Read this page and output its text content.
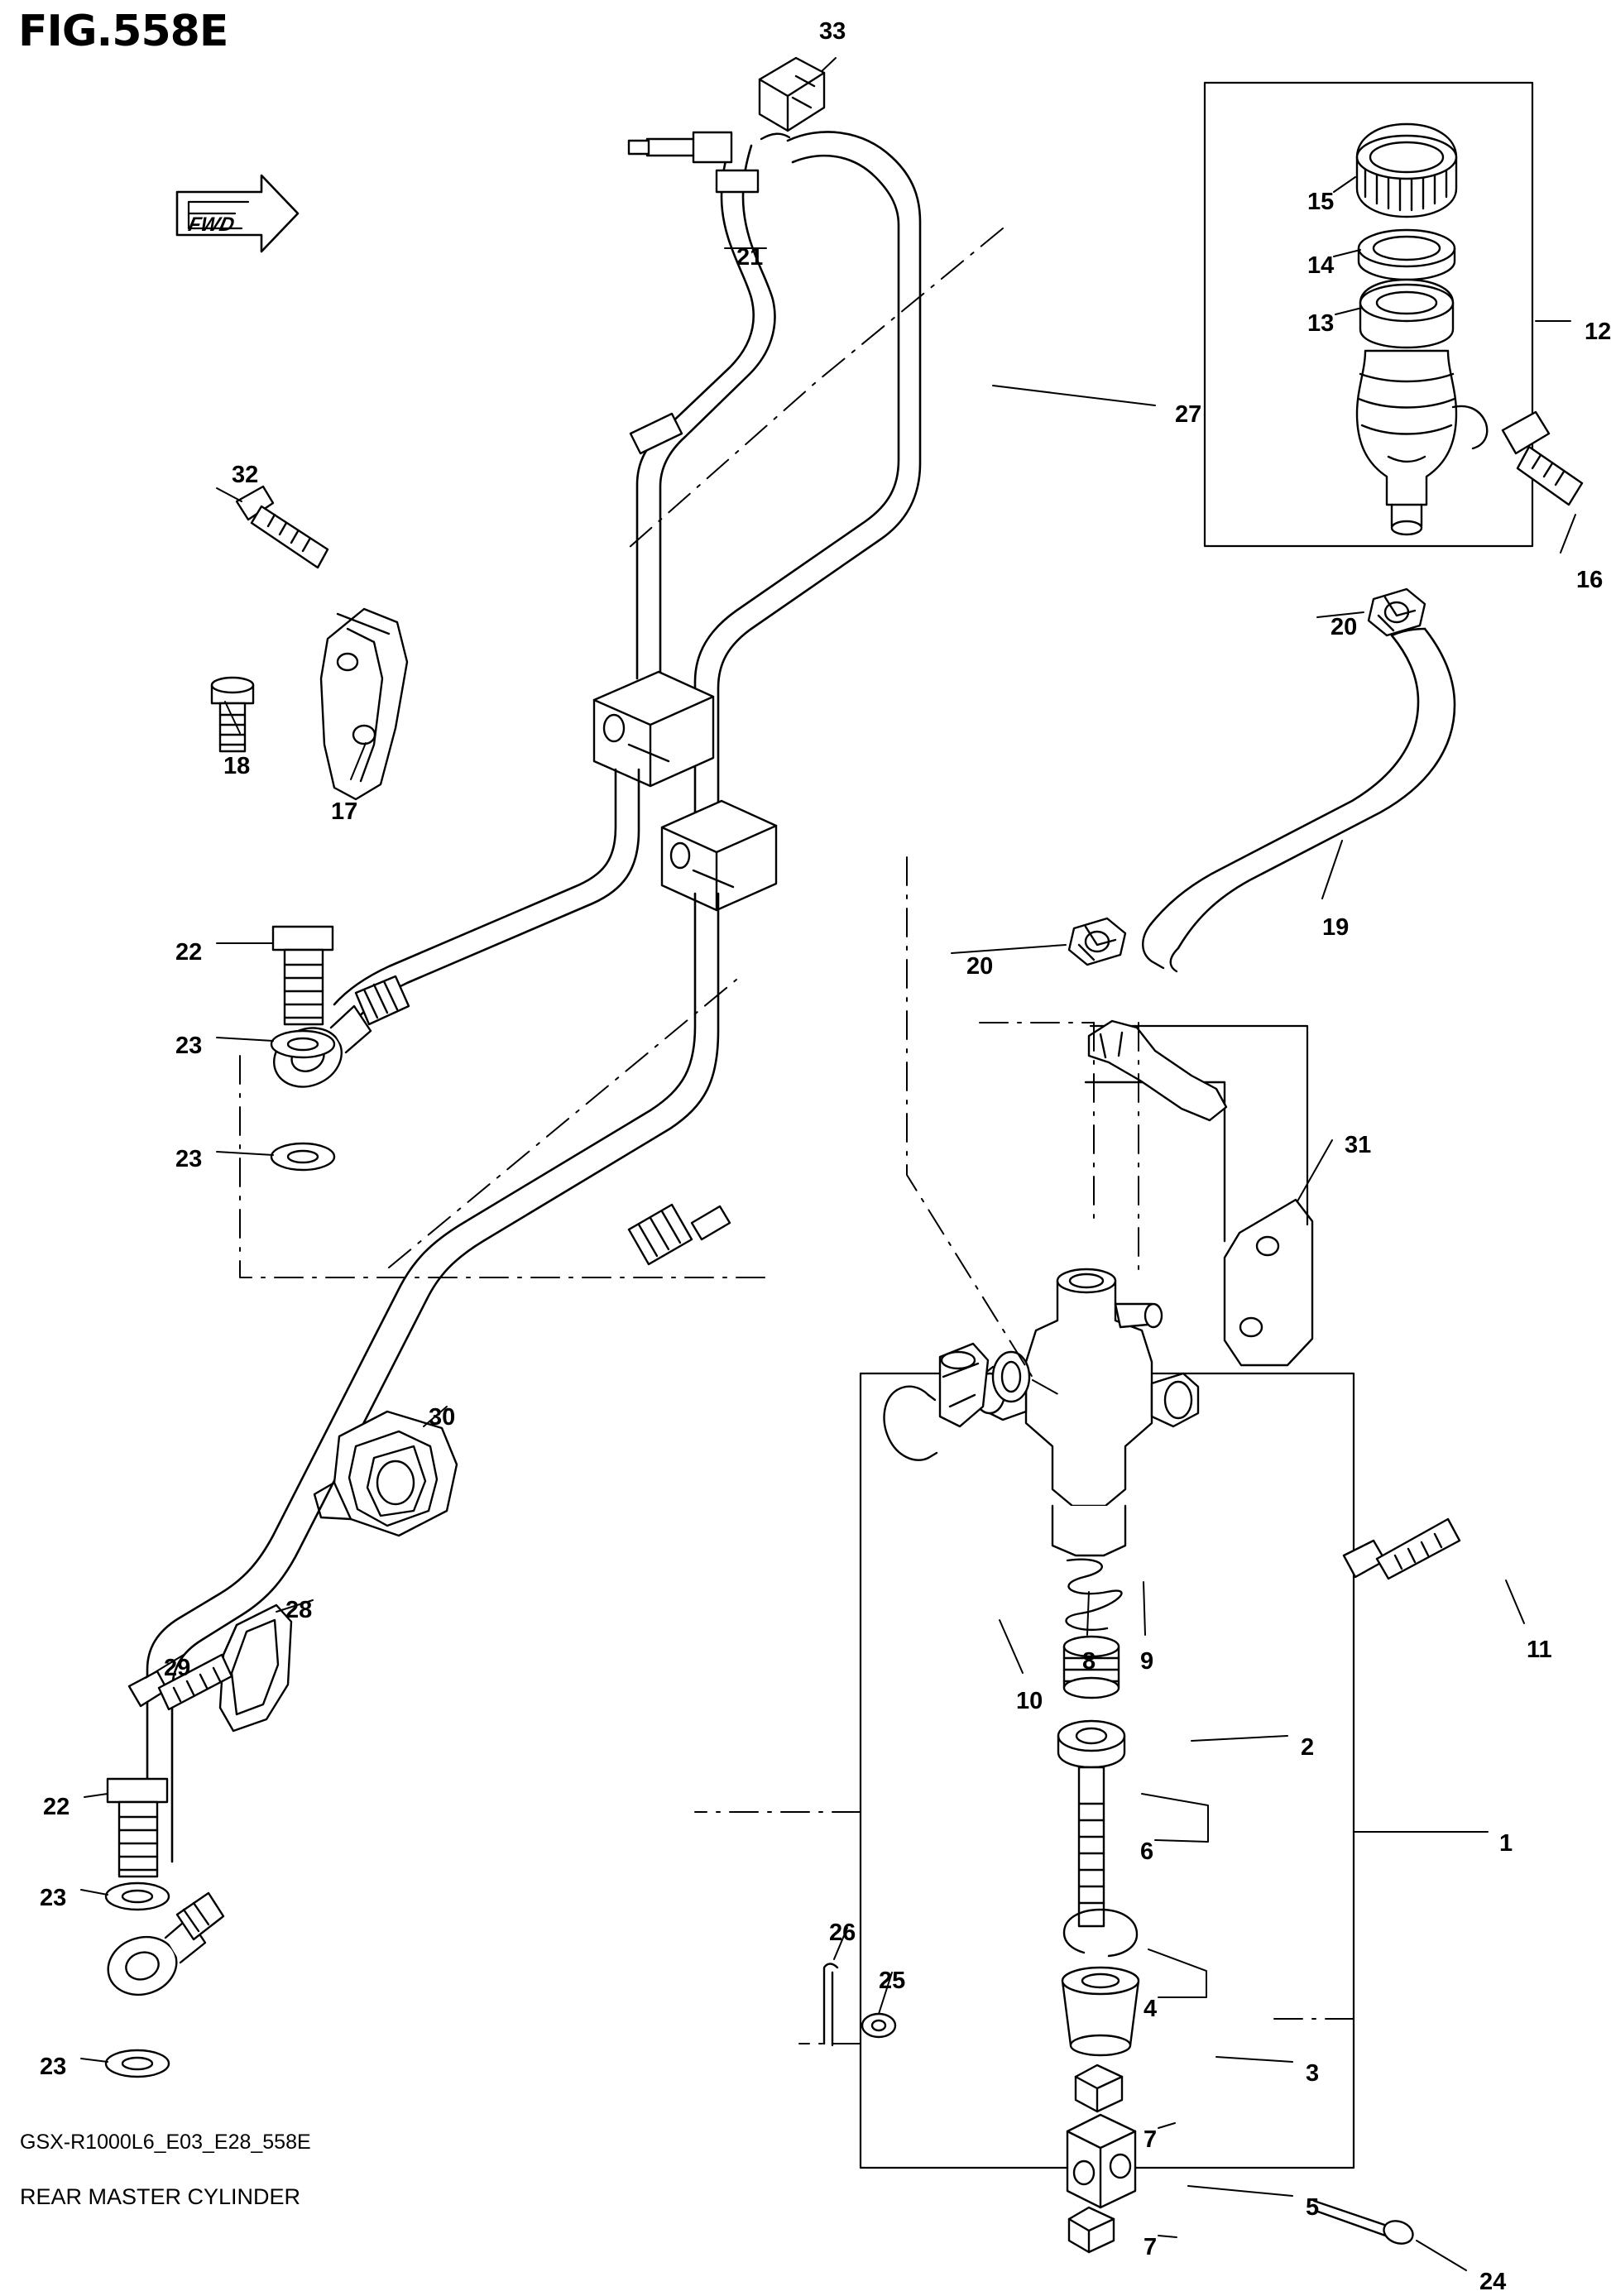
FIG.558E
FWD
33
21
15
14
13	12
27
16
32
18
17
20
19
22
23
23
20
31
30
28
29
22
23
23
10
8 9	11
2
1
6
26
25
4
3
7
5
7
24
GSX-R1000L6_E03_E28_558E
REAR MASTER CYLINDER
